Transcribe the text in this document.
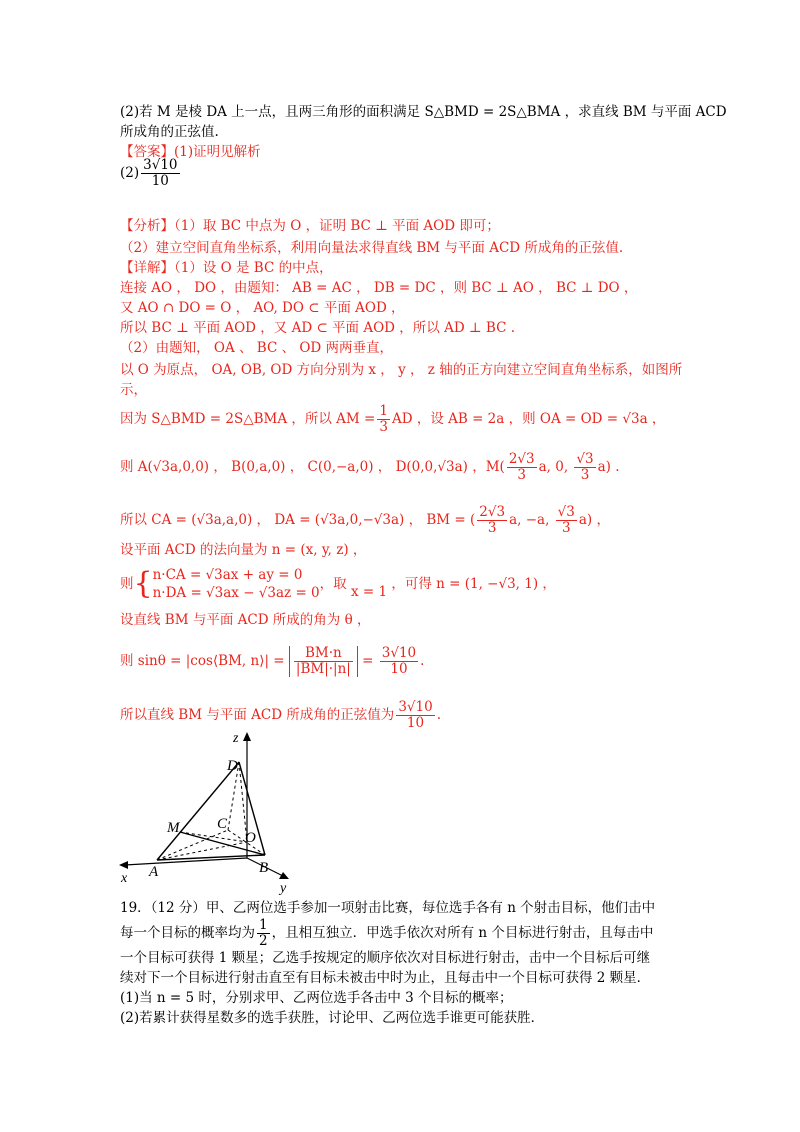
(2)若 M 是棱 DA 上一点，且两三角形的面积满足 S△BMD = 2S△BMA ，求直线 BM 与平面 ACD
所成角的正弦值.
【答案】(1)证明见解析
$(2) \frac{3√10}{10}$
【分析】（1）取 BC 中点为 O ，证明 BC ⊥ 平面 AOD 即可；
（2）建立空间直角坐标系，利用向量法求得直线 BM 与平面 ACD 所成角的正弦值.
【详解】（1）设 O 是 BC 的中点，
连接 AO ， DO ，由题知： AB = AC ， DB = DC ，则 BC ⊥ AO ， BC ⊥ DO ，
又 AO ∩ DO = O ， AO, DO ⊂ 平面 AOD ，
所以 BC ⊥ 平面 AOD ，又 AD ⊂ 平面 AOD ，所以 AD ⊥ BC .
（2）由题知， OA 、 BC 、 OD 两两垂直，
以 O 为原点， OA, OB, OD 方向分别为 x ， y ， z 轴的正方向建立空间直角坐标系，如图所
示，
因为 S△BMD = 2S△BMA ，所以 AM = $\frac{1}{3}$ AD ，设 AB = 2a ，则 OA = OD = √3a ，
则 A(√3a,0,0) ， B(0,a,0) ， C(0,−a,0) ， D(0,0,√3a) ，$M( \frac{2√3}{3} a$, 0, $\frac{√3}{3} a$) .
所以 CA = (√3a,a,0) ， DA = (√3a,0,−√3a) ， BM = ( $\frac{2√3}{3} a$, −a, $\frac{√3}{3} a$) ，
设平面 ACD 的法向量为 n = (x, y, z) ，
则{ n·CA = √3ax + ay = 0
n·DA = √3ax − √3az = 0
，取 x = 1 ，可得 n = (1, −√3, 1) ，
设直线 BM 与平面 ACD 所成的角为 θ ，
则 sinθ = |cos⟨BM, n⟩| = $\frac{BM\cdot n}{|BM|\cdot|n|} = \frac{3√10}{10}$ .
所以直线 BM 与平面 ACD 所成角的正弦值为 $\frac{3√10}{10}$ .
z
D
M	C
O
x A	B
y
19．（12 分）甲、乙两位选手参加一项射击比赛，每位选手各有 n 个射击目标，他们击中
每一个目标的概率均为 $\frac{1}{2}$ ，且相互独立．甲选手依次对所有 n 个目标进行射击，且每击中
一个目标可获得 1 颗星；乙选手按规定的顺序依次对目标进行射击，击中一个目标后可继
续对下一个目标进行射击直至有目标未被击中时为止，且每击中一个目标可获得 2 颗星．
(1)当 n = 5 时，分别求甲、乙两位选手各击中 3 个目标的概率；
(2)若累计获得星数多的选手获胜，讨论甲、乙两位选手谁更可能获胜．
